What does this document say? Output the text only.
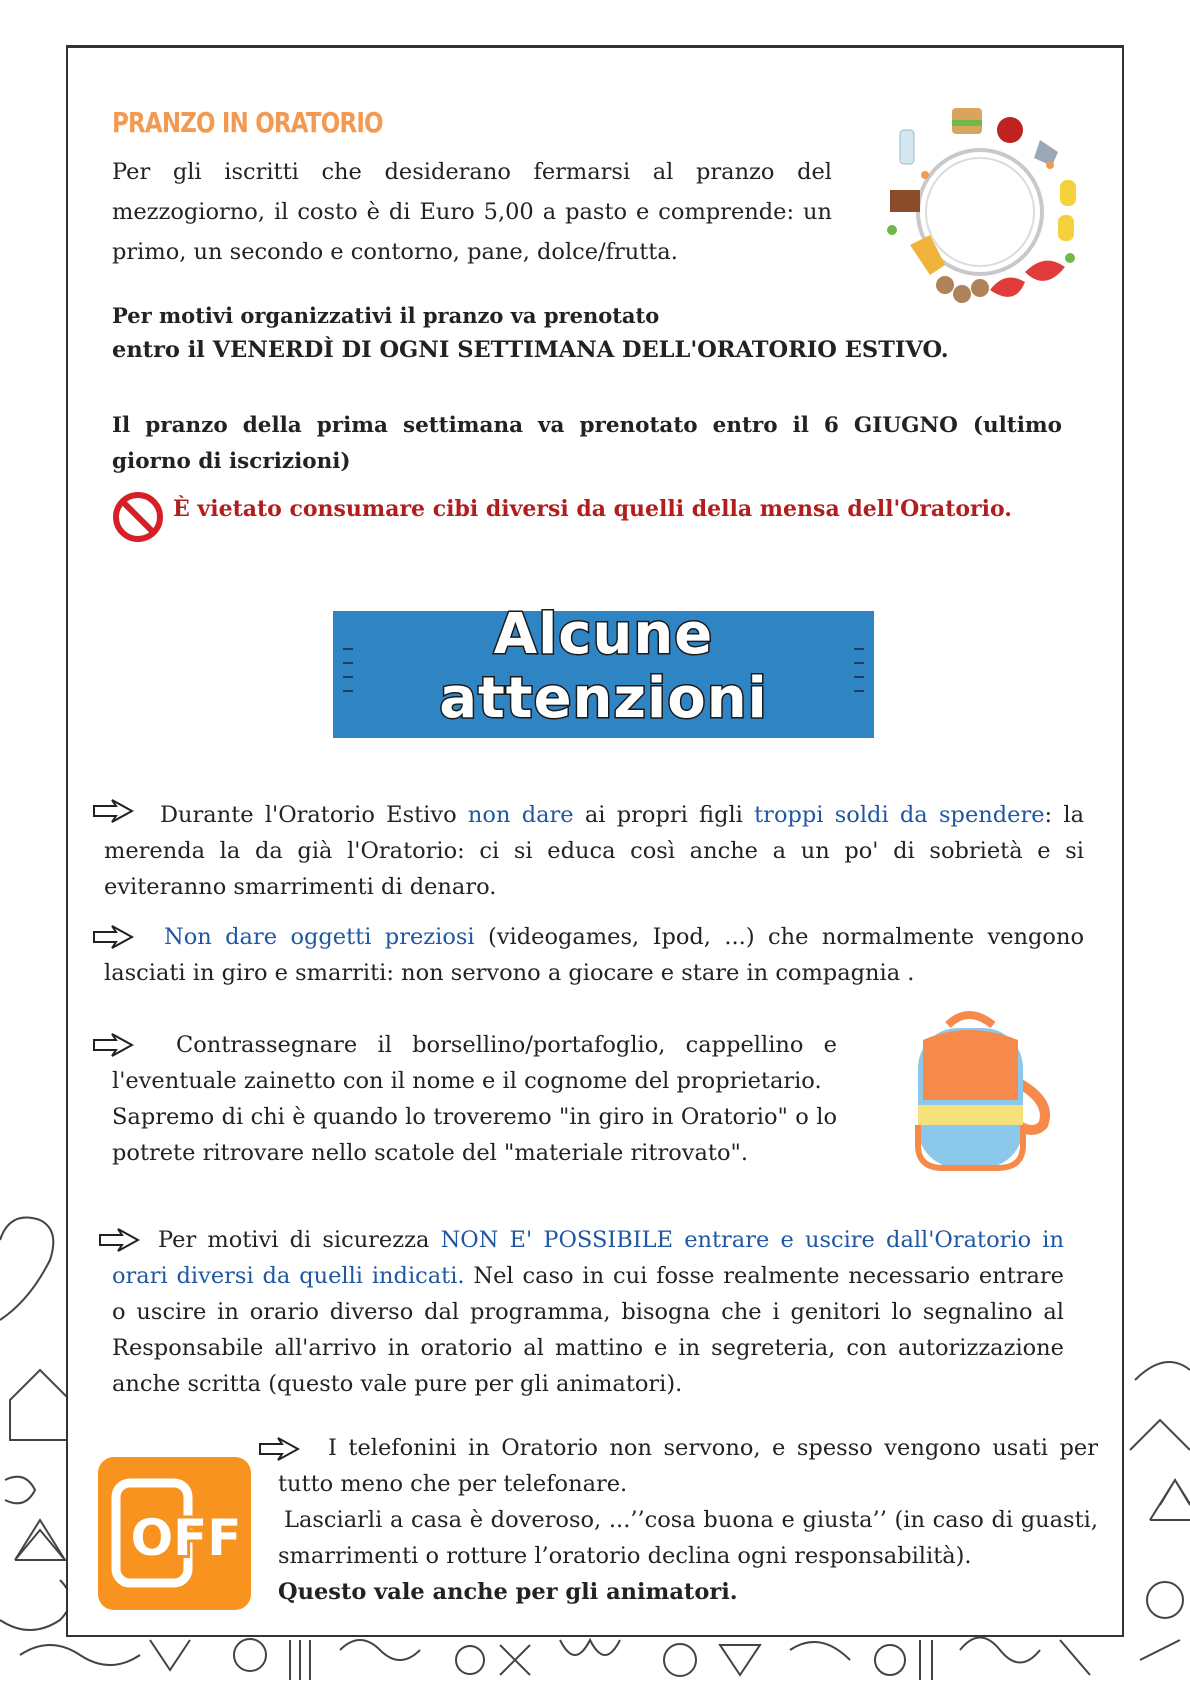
PRANZO IN ORATORIO
Per gli iscritti che desiderano fermarsi al pranzo del mezzogiorno, il costo è di Euro 5,00 a pasto e comprende: un primo, un secondo e contorno, pane, dolce/frutta.
Per motivi organizzativi il pranzo va prenotato
entro il VENERDÌ DI OGNI SETTIMANA DELL'ORATORIO ESTIVO.
Il pranzo della prima settimana va prenotato entro il 6 GIUGNO (ultimo giorno di iscrizioni)
È vietato consumare cibi diversi da quelli della mensa dell'Oratorio.
Alcune
attenzioni
Durante l'Oratorio Estivo non dare ai propri figli troppi soldi da spendere: la merenda la da già l'Oratorio: ci si educa così anche a un po' di sobrietà e si eviteranno smarrimenti di denaro.
Non dare oggetti preziosi (videogames, Ipod, ...) che normalmente vengono lasciati in giro e smarriti: non servono a giocare e stare in compagnia .
Contrassegnare il borsellino/portafoglio, cappellino e l'eventuale zainetto con il nome e il cognome del proprietario.
Sapremo di chi è quando lo troveremo "in giro in Oratorio" o lo potrete ritrovare nello scatole del "materiale ritrovato".
Per motivi di sicurezza NON E' POSSIBILE entrare e uscire dall'Oratorio in orari diversi da quelli indicati. Nel caso in cui fosse realmente necessario entrare o uscire in orario diverso dal programma, bisogna che i genitori lo segnalino al Responsabile all'arrivo in oratorio al mattino e in segreteria, con autorizzazione anche scritta (questo vale pure per gli animatori).
OFF
I telefonini in Oratorio non servono, e spesso vengono usati per tutto meno che per telefonare.
Lasciarli a casa è doveroso, ...’’cosa buona e giusta’’ (in caso di guasti, smarrimenti o rotture l’oratorio declina ogni responsabilità).
Questo vale anche per gli animatori.
